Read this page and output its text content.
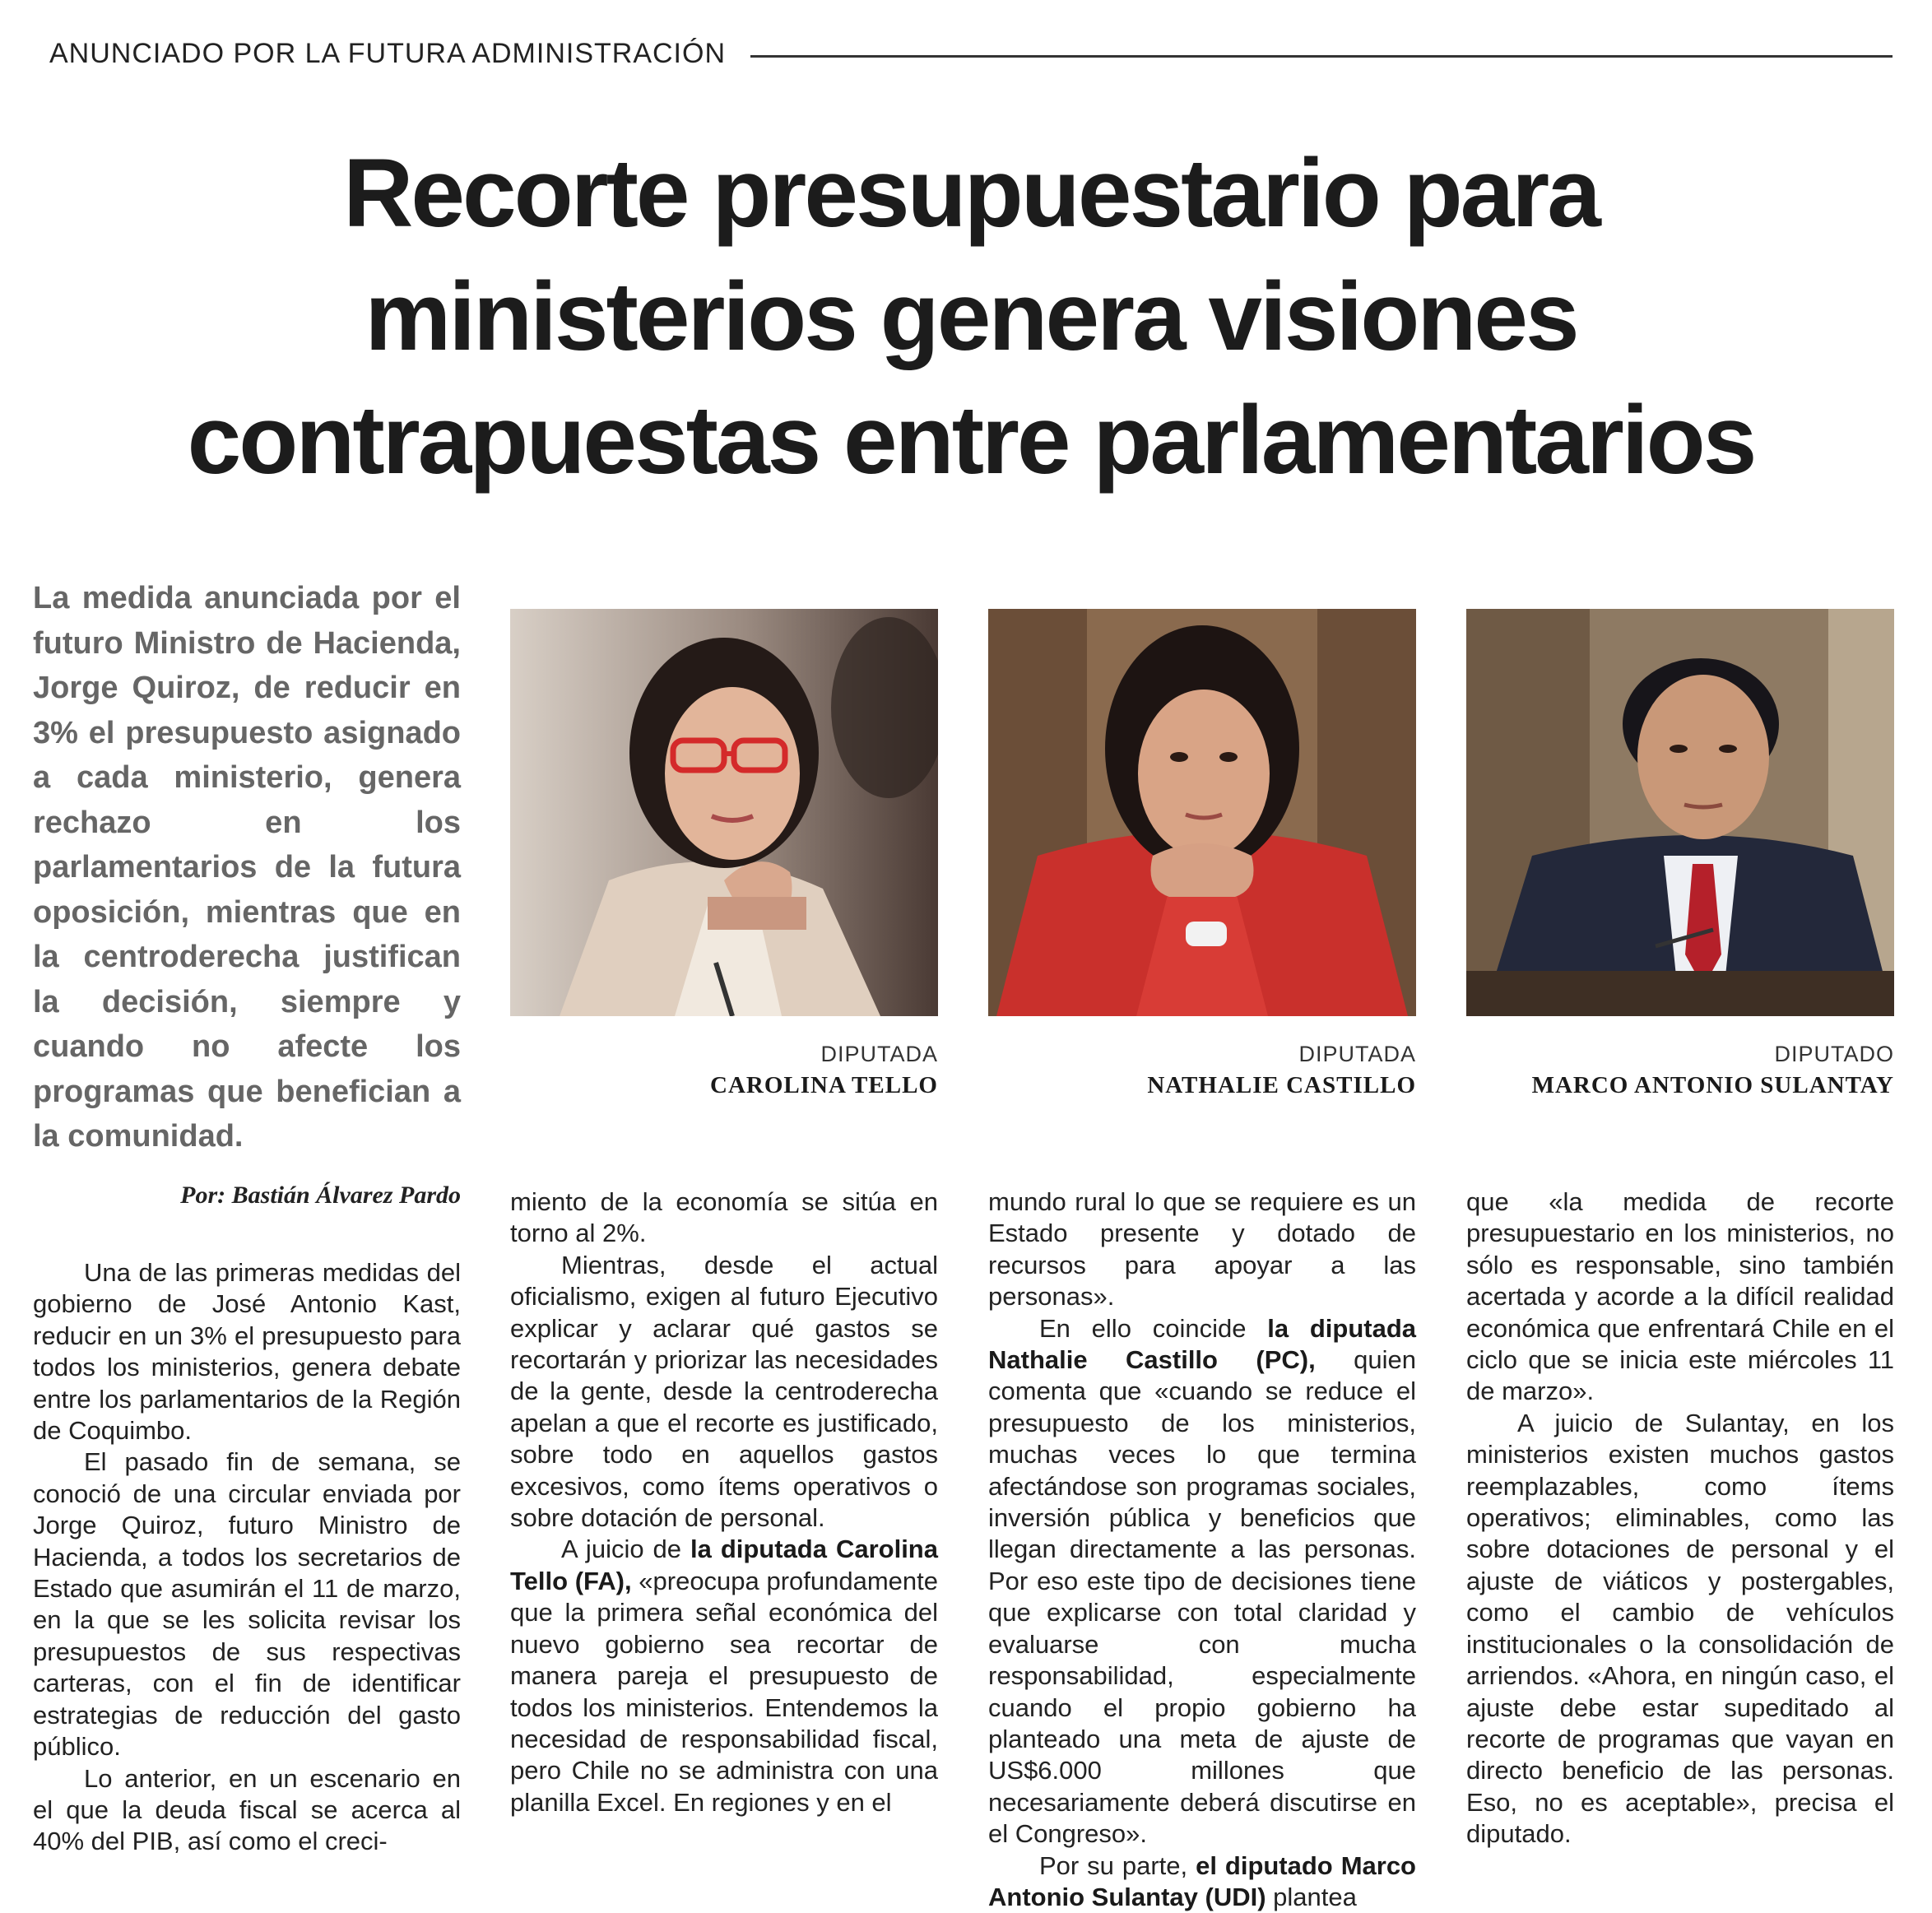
ANUNCIADO POR LA FUTURA ADMINISTRACIÓN
Recorte presupuestario para
ministerios genera visiones
contrapuestas entre parlamentarios

La medida anunciada por el futuro Ministro de Hacienda, Jorge Quiroz, de reducir en 3% el presupuesto asignado a cada ministerio, genera rechazo en los parlamentarios de la futura oposición, mientras que en la centroderecha justifican la decisión, siempre y cuando no afecte los programas que benefician a la comunidad.

DIPUTADA
CAROLINA TELLO
DIPUTADA
NATHALIE CASTILLO
DIPUTADO
MARCO ANTONIO SULANTAY

Por: Bastián Álvarez Pardo

Una de las primeras medidas del gobierno de José Antonio Kast, reducir en un 3% el presupuesto para todos los ministerios, genera debate entre los parlamentarios de la Región de Coquimbo.

El pasado fin de semana, se conoció de una circular enviada por Jorge Quiroz, futuro Ministro de Hacienda, a todos los secretarios de Estado que asumirán el 11 de marzo, en la que se les solicita revisar los presupuestos de sus respectivas carteras, con el fin de identificar estrategias de reducción del gasto público.

Lo anterior, en un escenario en el que la deuda fiscal se acerca al 40% del PIB, así como el creci-

miento de la economía se sitúa en torno al 2%.

Mientras, desde el actual oficialismo, exigen al futuro Ejecutivo explicar y aclarar qué gastos se recortarán y priorizar las necesidades de la gente, desde la centroderecha apelan a que el recorte es justificado, sobre todo en aquellos gastos excesivos, como ítems operativos o sobre dotación de personal.

A juicio de la diputada Carolina Tello (FA), «preocupa profundamente que la primera señal económica del nuevo gobierno sea recortar de manera pareja el presupuesto de todos los ministerios. Entendemos la necesidad de responsabilidad fiscal, pero Chile no se administra con una planilla Excel. En regiones y en el

mundo rural lo que se requiere es un Estado presente y dotado de recursos para apoyar a las personas».

En ello coincide la diputada Nathalie Castillo (PC), quien comenta que «cuando se reduce el presupuesto de los ministerios, muchas veces lo que termina afectándose son programas sociales, inversión pública y beneficios que llegan directamente a las personas. Por eso este tipo de decisiones tiene que explicarse con total claridad y evaluarse con mucha responsabilidad, especialmente cuando el propio gobierno ha planteado una meta de ajuste de US$6.000 millones que necesariamente deberá discutirse en el Congreso».

Por su parte, el diputado Marco Antonio Sulantay (UDI) plantea

que «la medida de recorte presupuestario en los ministerios, no sólo es responsable, sino también acertada y acorde a la difícil realidad económica que enfrentará Chile en el ciclo que se inicia este miércoles 11 de marzo».

A juicio de Sulantay, en los ministerios existen muchos gastos reemplazables, como ítems operativos; eliminables, como las sobre dotaciones de personal y el ajuste de viáticos y postergables, como el cambio de vehículos institucionales o la consolidación de arriendos. «Ahora, en ningún caso, el ajuste debe estar supeditado al recorte de programas que vayan en directo beneficio de las personas. Eso, no es aceptable», precisa el diputado.
